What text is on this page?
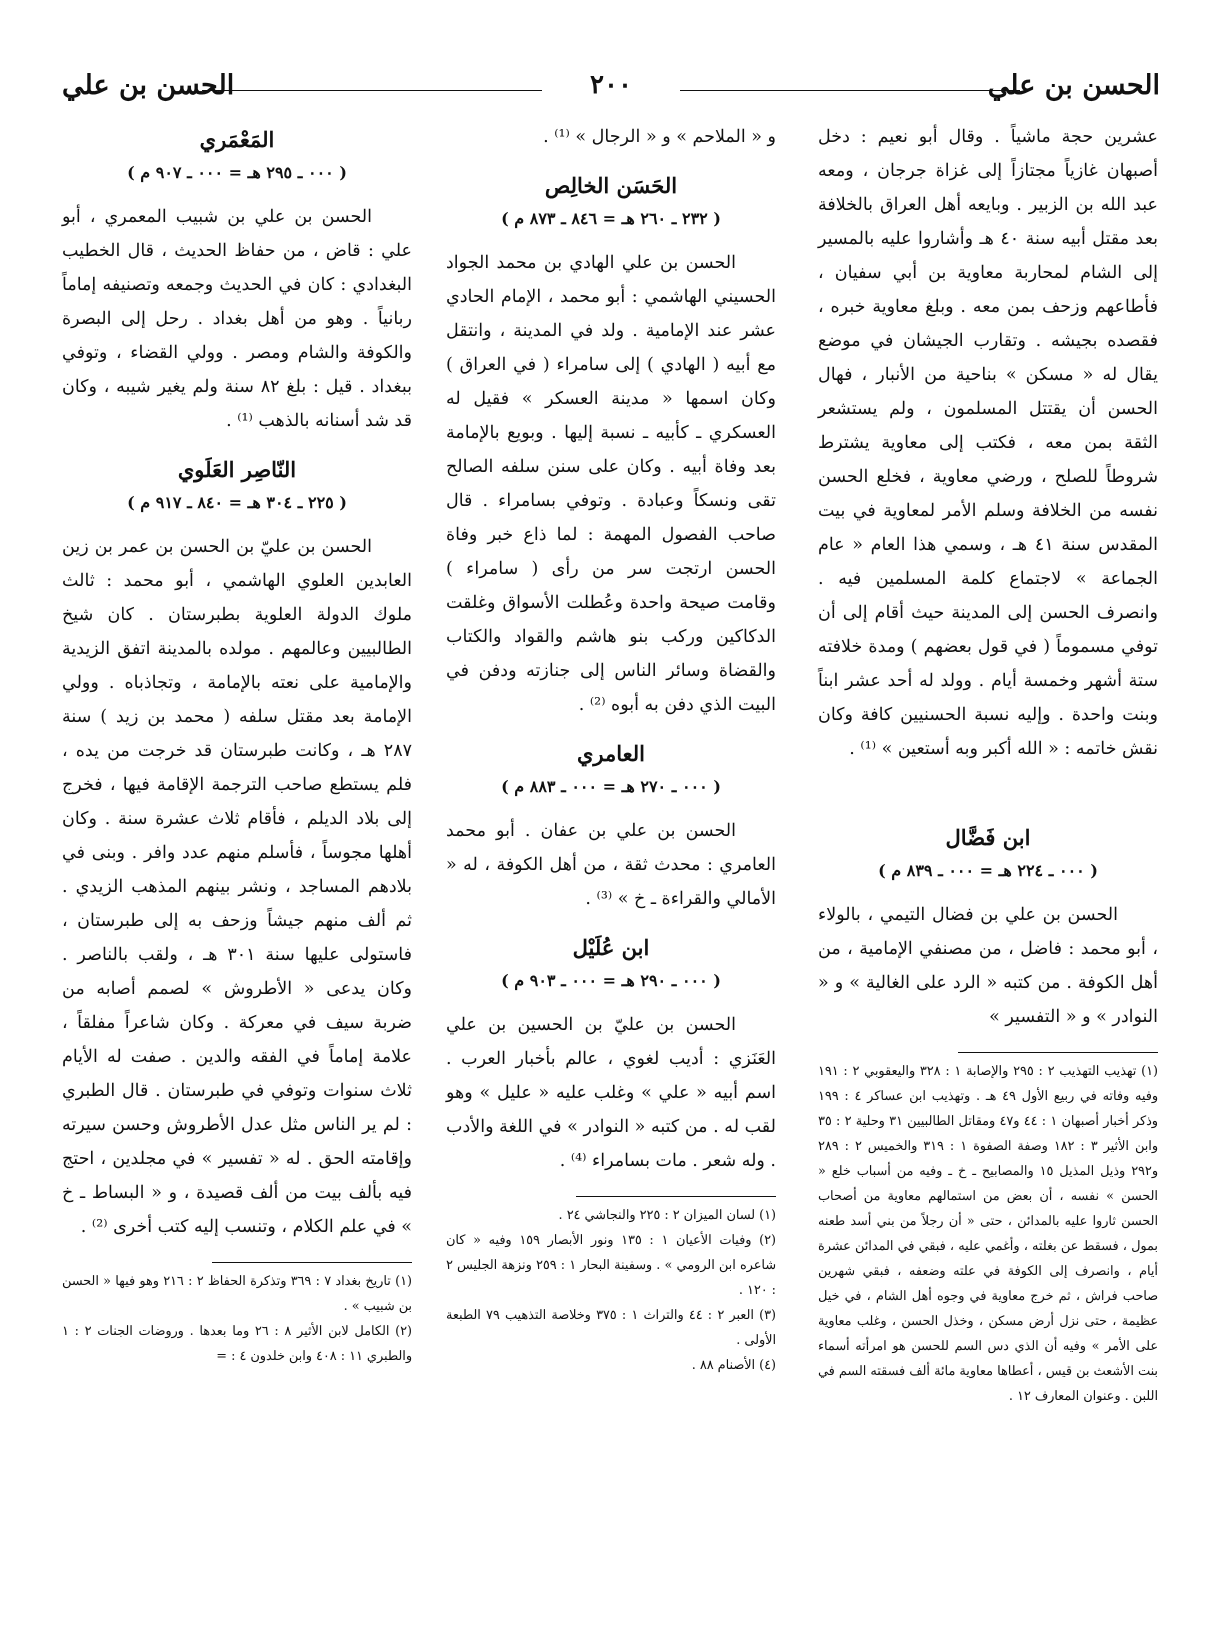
الحسن بن علي
٢٠٠
الحسن بن علي

عشرين حجة ماشياً . وقال أبو نعيم : دخل أصبهان غازياً مجتازاً إلى غزاة جرجان ، ومعه عبد الله بن الزبير . وبايعه أهل العراق بالخلافة بعد مقتل أبيه سنة ٤٠ هـ وأشاروا عليه بالمسير إلى الشام لمحاربة معاوية بن أبي سفيان ، فأطاعهم وزحف بمن معه . وبلغ معاوية خبره ، فقصده بجيشه . وتقارب الجيشان في موضع يقال له « مسكن » بناحية من الأنبار ، فهال الحسن أن يقتتل المسلمون ، ولم يستشعر الثقة بمن معه ، فكتب إلى معاوية يشترط شروطاً للصلح ، ورضي معاوية ، فخلع الحسن نفسه من الخلافة وسلم الأمر لمعاوية في بيت المقدس سنة ٤١ هـ ، وسمي هذا العام « عام الجماعة » لاجتماع كلمة المسلمين فيه . وانصرف الحسن إلى المدينة حيث أقام إلى أن توفي مسموماً ( في قول بعضهم ) ومدة خلافته ستة أشهر وخمسة أيام . وولد له أحد عشر ابناً وبنت واحدة . وإليه نسبة الحسنيين كافة وكان نقش خاتمه : « الله أكبر وبه أستعين » ⁽¹⁾ .

ابن فَضَّال
( ٠٠٠ ـ ٢٢٤ هـ = ٠٠٠ ـ ٨٣٩ م )

الحسن بن علي بن فضال التيمي ، بالولاء ، أبو محمد : فاضل ، من مصنفي الإمامية ، من أهل الكوفة . من كتبه « الرد على الغالية » و « النوادر » و « التفسير »

(١) تهذيب التهذيب ٢ : ٢٩٥ والإصابة ١ : ٣٢٨ واليعقوبي ٢ : ١٩١ وفيه وفاته في ربيع الأول ٤٩ هـ . وتهذيب ابن عساكر ٤ : ١٩٩ وذكر أخبار أصبهان ١ : ٤٤ و٤٧ ومقاتل الطالبيين ٣١ وحلية ٢ : ٣٥ وابن الأثير ٣ : ١٨٢ وصفة الصفوة ١ : ٣١٩ والخميس ٢ : ٢٨٩ و٢٩٢ وذيل المذيل ١٥ والمصابيح ـ خ ـ وفيه من أسباب خلع « الحسن » نفسه ، أن بعض من استمالهم معاوية من أصحاب الحسن ثاروا عليه بالمدائن ، حتى « أن رجلاً من بني أسد طعنه بمول ، فسقط عن بغلته ، وأغمي عليه ، فبقي في المدائن عشرة أيام ، وانصرف إلى الكوفة في علته وضعفه ، فبقي شهرين صاحب فراش ، ثم خرج معاوية في وجوه أهل الشام ، في خيل عظيمة ، حتى نزل أرض مسكن ، وخذل الحسن ، وغلب معاوية على الأمر » وفيه أن الذي دس السم للحسن هو امرأته أسماء بنت الأشعث بن قيس ، أعطاها معاوية مائة ألف فسقته السم في اللبن . وعنوان المعارف ١٢ .

و « الملاحم » و « الرجال » ⁽¹⁾ .

الحَسَن الخالِص
( ٢٣٢ ـ ٢٦٠ هـ = ٨٤٦ ـ ٨٧٣ م )

الحسن بن علي الهادي بن محمد الجواد الحسيني الهاشمي : أبو محمد ، الإمام الحادي عشر عند الإمامية . ولد في المدينة ، وانتقل مع أبيه ( الهادي ) إلى سامراء ( في العراق ) وكان اسمها « مدينة العسكر » فقيل له العسكري ـ كأبيه ـ نسبة إليها . وبويع بالإمامة بعد وفاة أبيه . وكان على سنن سلفه الصالح تقى ونسكاً وعبادة . وتوفي بسامراء . قال صاحب الفصول المهمة : لما ذاع خبر وفاة الحسن ارتجت سر من رأى ( سامراء ) وقامت صيحة واحدة وعُطلت الأسواق وغلقت الدكاكين وركب بنو هاشم والقواد والكتاب والقضاة وسائر الناس إلى جنازته ودفن في البيت الذي دفن به أبوه ⁽²⁾ .

العامري
( ٠٠٠ ـ ٢٧٠ هـ = ٠٠٠ ـ ٨٨٣ م )

الحسن بن علي بن عفان . أبو محمد العامري : محدث ثقة ، من أهل الكوفة ، له « الأمالي والقراءة ـ خ » ⁽³⁾ .

ابن عُلَيْل
( ٠٠٠ ـ ٢٩٠ هـ = ٠٠٠ ـ ٩٠٣ م )

الحسن بن عليّ بن الحسين بن علي العَنَزي : أديب لغوي ، عالم بأخبار العرب . اسم أبيه « علي » وغلب عليه « عليل » وهو لقب له . من كتبه « النوادر » في اللغة والأدب . وله شعر . مات بسامراء ⁽⁴⁾ .

(١) لسان الميزان ٢ : ٢٢٥ والنجاشي ٢٤ .
(٢) وفيات الأعيان ١ : ١٣٥ ونور الأبصار ١٥٩ وفيه « كان شاعره ابن الرومي » . وسفينة البحار ١ : ٢٥٩ ونزهة الجليس ٢ : ١٢٠ .
(٣) العبر ٢ : ٤٤ والتراث ١ : ٣٧٥ وخلاصة التذهيب ٧٩ الطبعة الأولى .
(٤) الأصنام ٨٨ .
المَعْمَري
( ٠٠٠ ـ ٢٩٥ هـ = ٠٠٠ ـ ٩٠٧ م )

الحسن بن علي بن شبيب المعمري ، أبو علي : قاض ، من حفاظ الحديث ، قال الخطيب البغدادي : كان في الحديث وجمعه وتصنيفه إماماً ربانياً . وهو من أهل بغداد . رحل إلى البصرة والكوفة والشام ومصر . وولي القضاء ، وتوفي ببغداد . قيل : بلغ ٨٢ سنة ولم يغير شيبه ، وكان قد شد أسنانه بالذهب ⁽¹⁾ .

النّاصِر العَلَوي
( ٢٢٥ ـ ٣٠٤ هـ = ٨٤٠ ـ ٩١٧ م )

الحسن بن عليّ بن الحسن بن عمر بن زين العابدين العلوي الهاشمي ، أبو محمد : ثالث ملوك الدولة العلوية بطبرستان . كان شيخ الطالبيين وعالمهم . مولده بالمدينة اتفق الزيدية والإمامية على نعته بالإمامة ، وتجاذباه . وولي الإمامة بعد مقتل سلفه ( محمد بن زيد ) سنة ٢٨٧ هـ ، وكانت طبرستان قد خرجت من يده ، فلم يستطع صاحب الترجمة الإقامة فيها ، فخرج إلى بلاد الديلم ، فأقام ثلاث عشرة سنة . وكان أهلها مجوساً ، فأسلم منهم عدد وافر . وبنى في بلادهم المساجد ، ونشر بينهم المذهب الزيدي . ثم ألف منهم جيشاً وزحف به إلى طبرستان ، فاستولى عليها سنة ٣٠١ هـ ، ولقب بالناصر . وكان يدعى « الأطروش » لصمم أصابه من ضربة سيف في معركة . وكان شاعراً مفلقاً ، علامة إماماً في الفقه والدين . صفت له الأيام ثلاث سنوات وتوفي في طبرستان . قال الطبري : لم ير الناس مثل عدل الأطروش وحسن سيرته وإقامته الحق . له « تفسير » في مجلدين ، احتج فيه بألف بيت من ألف قصيدة ، و « البساط ـ خ » في علم الكلام ، وتنسب إليه كتب أخرى ⁽²⁾ .

(١) تاريخ بغداد ٧ : ٣٦٩ وتذكرة الحفاظ ٢ : ٢١٦ وهو فيها « الحسن بن شبيب » .
(٢) الكامل لابن الأثير ٨ : ٢٦ وما بعدها . وروضات الجنات ٢ : ١ والطبري ١١ : ٤٠٨ وابن خلدون ٤ : =
